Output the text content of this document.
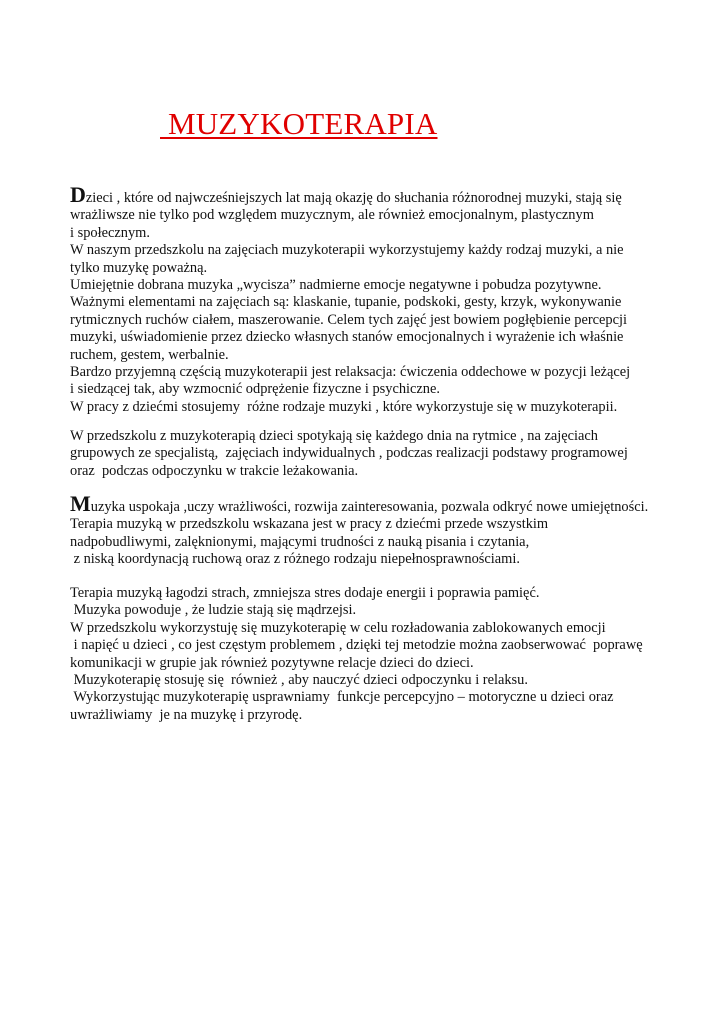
MUZYKOTERAPIA
Dzieci , które od najwcześniejszych lat mają okazję do słuchania różnorodnej muzyki, stają się
wrażliwsze nie tylko pod względem muzycznym, ale również emocjonalnym, plastycznym
i społecznym.
W naszym przedszkolu na zajęciach muzykoterapii wykorzystujemy każdy rodzaj muzyki, a nie
tylko muzykę poważną.
Umiejętnie dobrana muzyka „wycisza” nadmierne emocje negatywne i pobudza pozytywne.
Ważnymi elementami na zajęciach są: klaskanie, tupanie, podskoki, gesty, krzyk, wykonywanie
rytmicznych ruchów ciałem, maszerowanie. Celem tych zajęć jest bowiem pogłębienie percepcji
muzyki, uświadomienie przez dziecko własnych stanów emocjonalnych i wyrażenie ich właśnie
ruchem, gestem, werbalnie.
Bardzo przyjemną częścią muzykoterapii jest relaksacja: ćwiczenia oddechowe w pozycji leżącej
i siedzącej tak, aby wzmocnić odprężenie fizyczne i psychiczne.
W pracy z dziećmi stosujemy  różne rodzaje muzyki , które wykorzystuje się w muzykoterapii.
W przedszkolu z muzykoterapią dzieci spotykają się każdego dnia na rytmice , na zajęciach
grupowych ze specjalistą,  zajęciach indywidualnych , podczas realizacji podstawy programowej
oraz  podczas odpoczynku w trakcie leżakowania.
Muzyka uspokaja ,uczy wrażliwości, rozwija zainteresowania, pozwala odkryć nowe umiejętności.
Terapia muzyką w przedszkolu wskazana jest w pracy z dziećmi przede wszystkim
nadpobudliwymi, zalęknionymi, mającymi trudności z nauką pisania i czytania,
z niską koordynacją ruchową oraz z różnego rodzaju niepełnosprawnościami.
Terapia muzyką łagodzi strach, zmniejsza stres dodaje energii i poprawia pamięć.
Muzyka powoduje , że ludzie stają się mądrzejsi.
W przedszkolu wykorzystuję się muzykoterapię w celu rozładowania zablokowanych emocji
i napięć u dzieci , co jest częstym problemem , dzięki tej metodzie można zaobserwować  poprawę
komunikacji w grupie jak również pozytywne relacje dzieci do dzieci.
Muzykoterapię stosuję się  również , aby nauczyć dzieci odpoczynku i relaksu.
Wykorzystując muzykoterapię usprawniamy  funkcje percepcyjno – motoryczne u dzieci oraz
uwrażliwiamy  je na muzykę i przyrodę.
